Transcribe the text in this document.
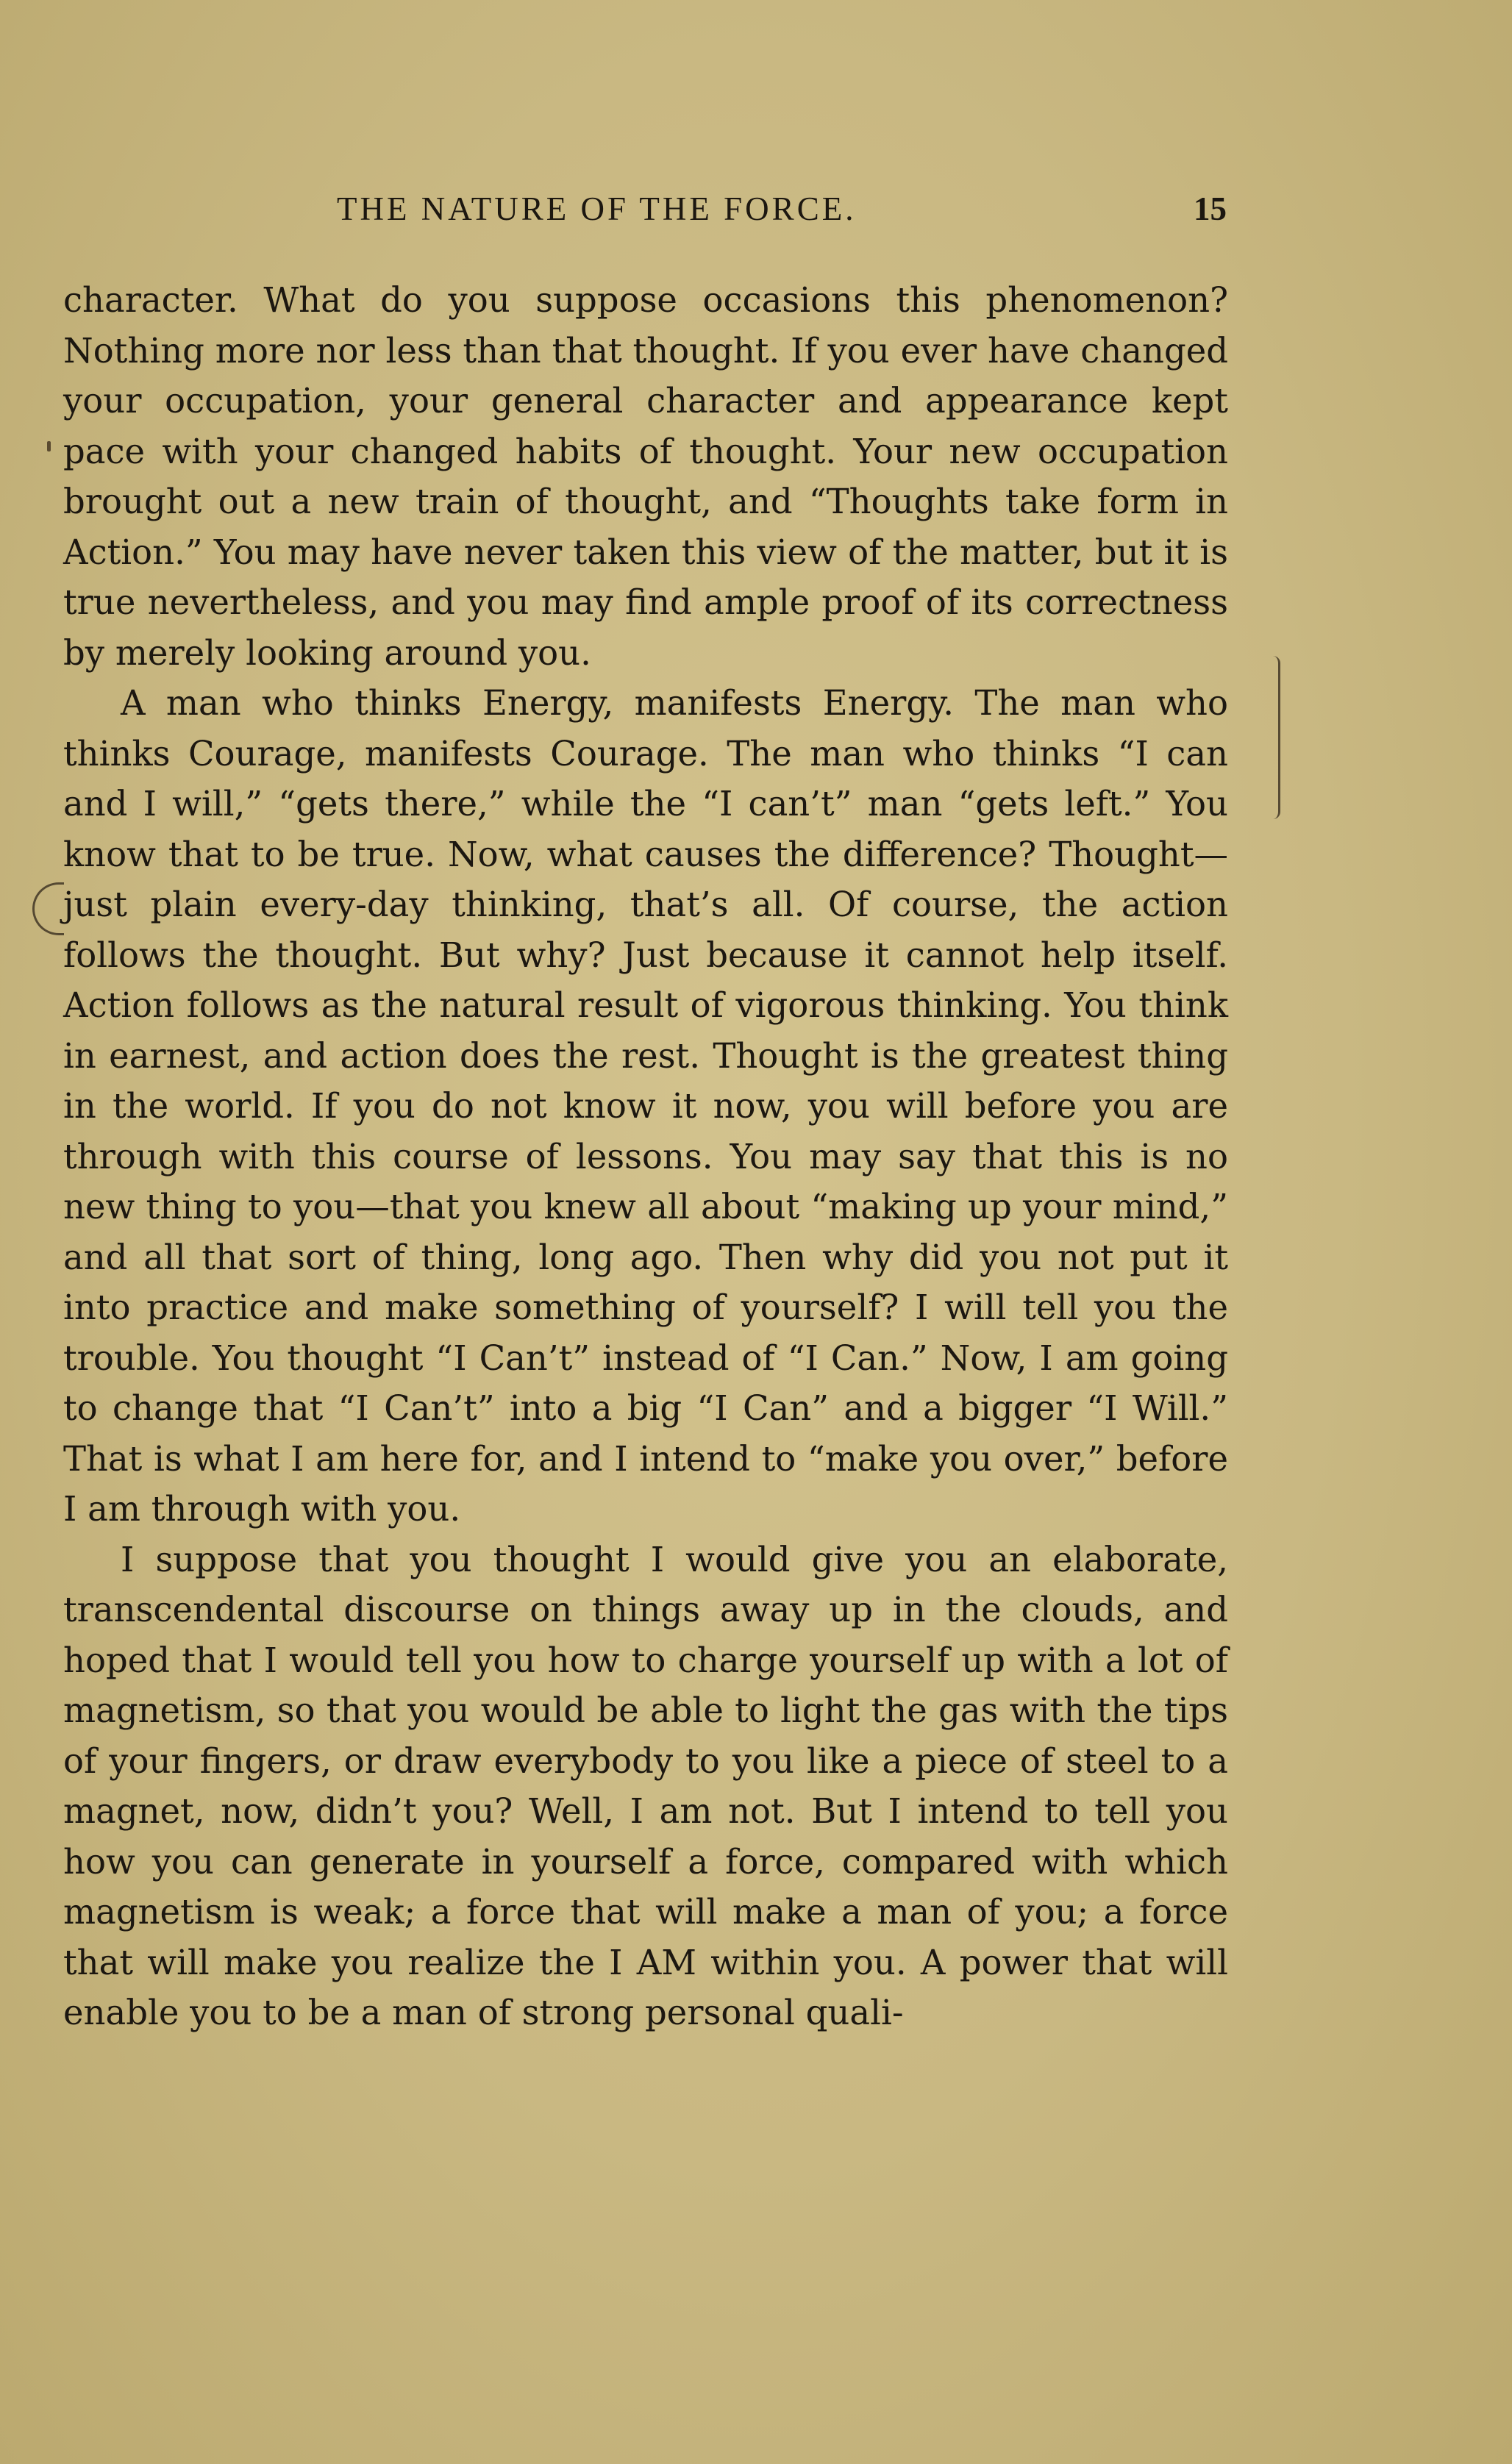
THE NATURE OF THE FORCE.	15

character. What do you suppose occasions this phenomenon? Nothing more nor less than that thought. If you ever have changed your occupation, your general character and appearance kept pace with your changed habits of thought. Your new occupation brought out a new train of thought, and “Thoughts take form in Action.” You may have never taken this view of the matter, but it is true nevertheless, and you may find ample proof of its correctness by merely looking around you.

A man who thinks Energy, manifests Energy. The man who thinks Courage, manifests Courage. The man who thinks “I can and I will,” “gets there,” while the “I can’t” man “gets left.” You know that to be true. Now, what causes the difference? Thought—just plain every-day thinking, that’s all. Of course, the action follows the thought. But why? Just because it cannot help itself. Action follows as the natural result of vigorous thinking. You think in earnest, and action does the rest. Thought is the greatest thing in the world. If you do not know it now, you will before you are through with this course of lessons. You may say that this is no new thing to you—that you knew all about “making up your mind,” and all that sort of thing, long ago. Then why did you not put it into practice and make something of yourself? I will tell you the trouble. You thought “I Can’t” instead of “I Can.” Now, I am going to change that “I Can’t” into a big “I Can” and a bigger “I Will.” That is what I am here for, and I intend to “make you over,” before I am through with you.

I suppose that you thought I would give you an elaborate, transcendental discourse on things away up in the clouds, and hoped that I would tell you how to charge yourself up with a lot of magnetism, so that you would be able to light the gas with the tips of your fingers, or draw everybody to you like a piece of steel to a magnet, now, didn’t you? Well, I am not. But I intend to tell you how you can generate in yourself a force, compared with which magnetism is weak; a force that will make a man of you; a force that will make you realize the I AM within you. A power that will enable you to be a man of strong personal quali-
